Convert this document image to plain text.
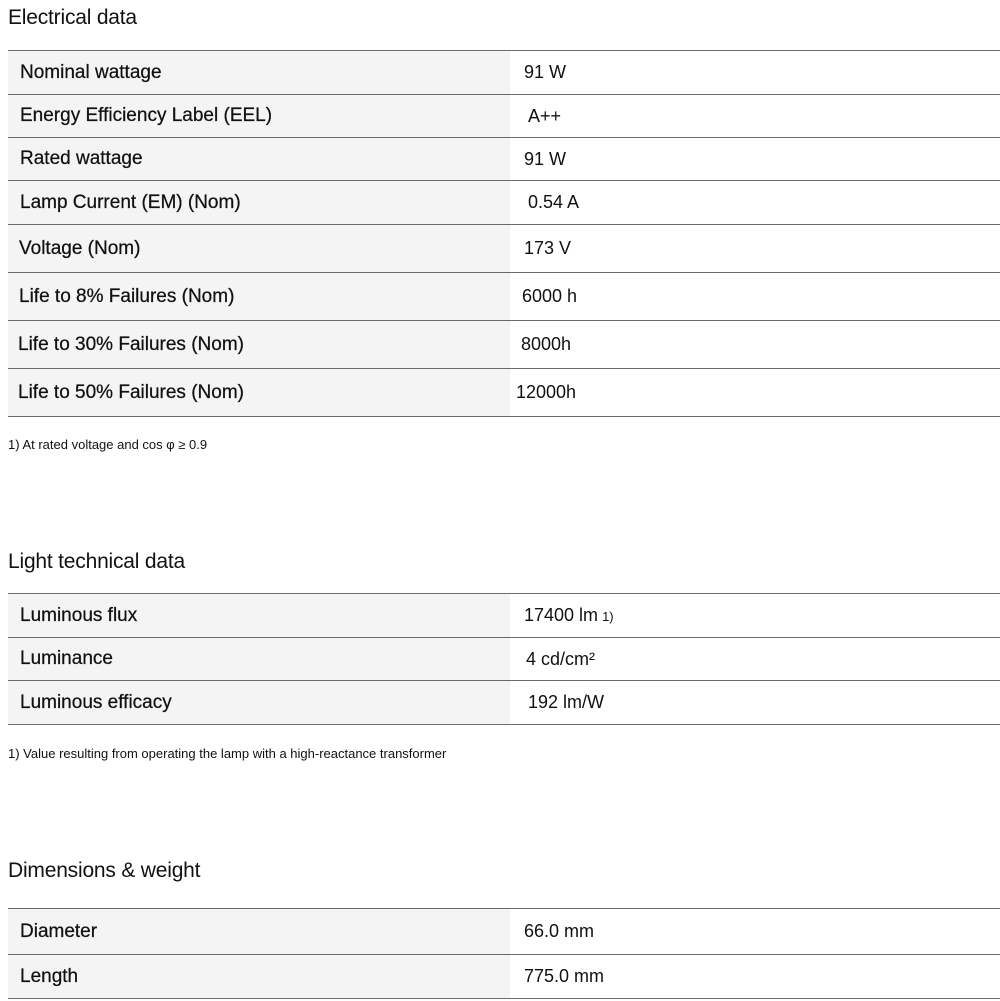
Electrical data
Nominal wattage	91 W
Energy Efficiency Label (EEL)	A++
Rated wattage	91 W
Lamp Current (EM) (Nom)	0.54 A
Voltage (Nom)	173 V
Life to 8% Failures (Nom)	6000 h
Life to 30% Failures (Nom)	8000h
Life to 50% Failures (Nom)	12000h
1) At rated voltage and cos φ ≥ 0.9
Light technical data
Luminous flux	17400 lm 1)
Luminance	4 cd/cm²
Luminous efficacy	192 lm/W
1) Value resulting from operating the lamp with a high-reactance transformer
Dimensions & weight
Diameter	66.0 mm
Length	775.0 mm
